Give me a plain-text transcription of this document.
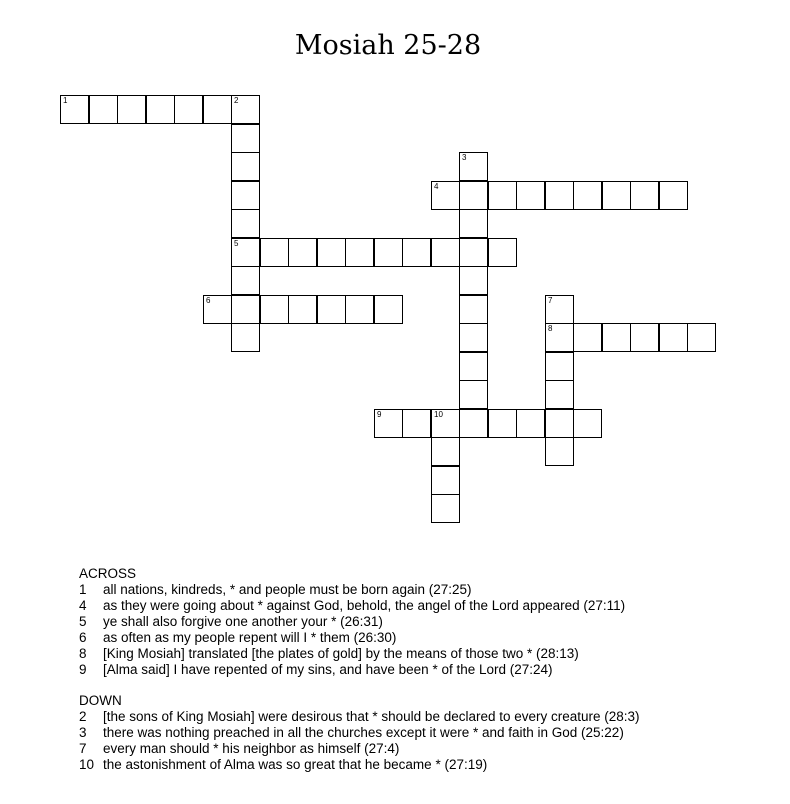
Mosiah 25-28
1	2
5
3
4
6	7
8
9	10
ACROSS
1	all nations, kindreds, * and people must be born again (27:25)
4	as they were going about * against God, behold, the angel of the Lord appeared (27:11)
5	ye shall also forgive one another your * (26:31)
6	as often as my people repent will I * them (26:30)
8	[King Mosiah] translated [the plates of gold] by the means of those two * (28:13)
9	[Alma said] I have repented of my sins, and have been * of the Lord (27:24)
DOWN
2	[the sons of King Mosiah] were desirous that * should be declared to every creature (28:3)
3	there was nothing preached in all the churches except it were * and faith in God (25:22)
7	every man should * his neighbor as himself (27:4)
10 the astonishment of Alma was so great that he became * (27:19)
